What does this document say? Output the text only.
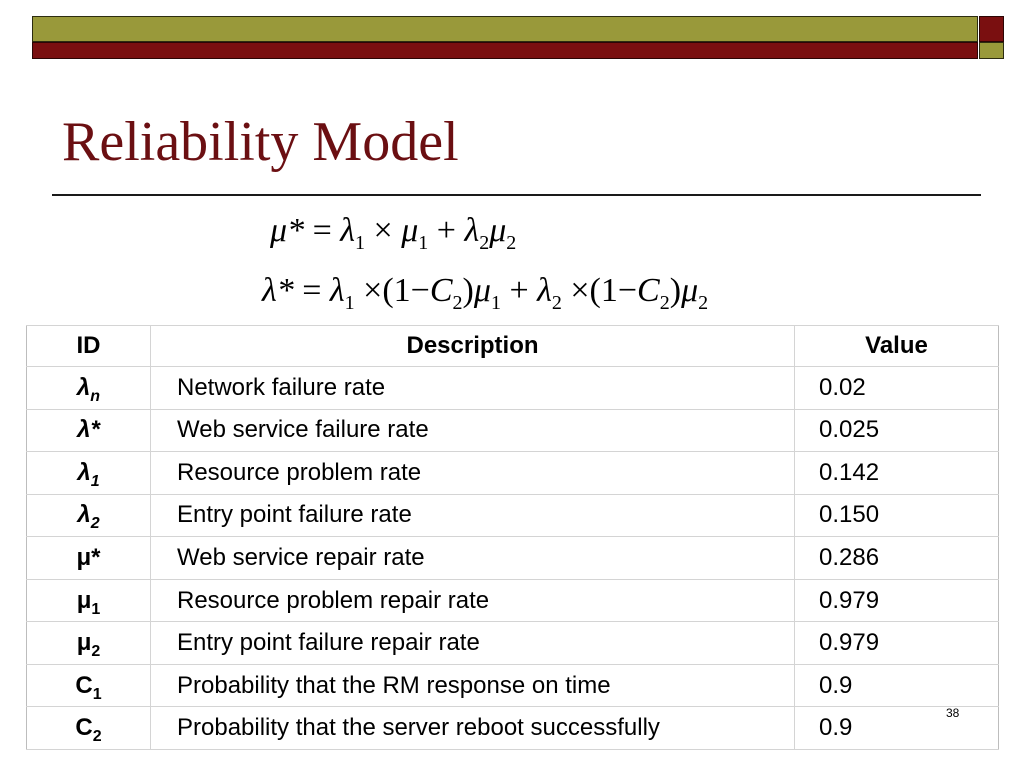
Reliability Model
$\mu* = \lambda_1 \times \mu_1 + \lambda_2\mu_2$
$\lambda* = \lambda_1 \times(1-C_2)\mu_1 + \lambda_2 \times(1-C_2)\mu_2$
ID	Description	Value
$\lambda_n$	Network failure rate	0.02
λ*	Web service failure rate	0.025
$\lambda_1$	Resource problem rate	0.142
$\lambda_2$	Entry point failure rate	0.150
μ*	Web service repair rate	0.286
$\mu_1$	Resource problem repair rate	0.979
$\mu_2$	Entry point failure repair rate	0.979
$C_1$	Probability that the RM response on time	0.9
$C_2$	Probability that the server reboot successfully	0.9
38
